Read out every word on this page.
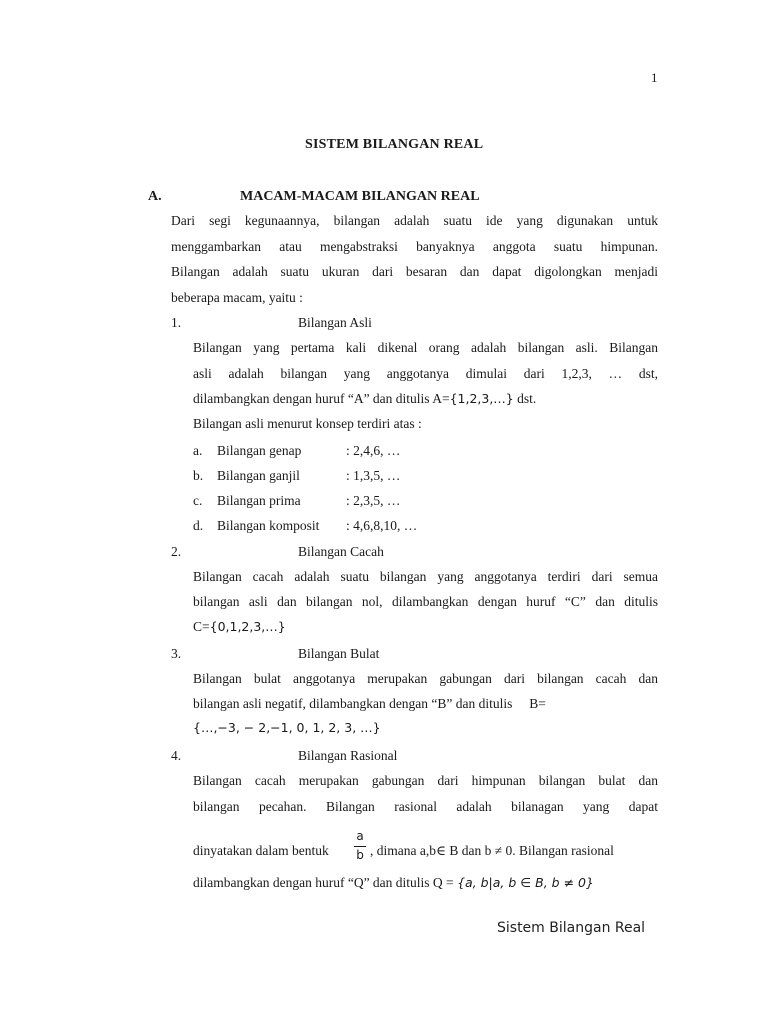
1
SISTEM BILANGAN REAL
A.	MACAM-MACAM BILANGAN REAL
Dari segi kegunaannya, bilangan adalah suatu ide yang digunakan untuk
menggambarkan atau mengabstraksi banyaknya anggota suatu himpunan.
Bilangan adalah suatu ukuran dari besaran dan dapat digolongkan menjadi
beberapa macam, yaitu :
1.	Bilangan Asli
Bilangan yang pertama kali dikenal orang adalah bilangan asli. Bilangan
asli adalah bilangan yang anggotanya dimulai dari 1,2,3, … dst,
dilambangkan dengan huruf “A” dan ditulis A={1,2,3,…} dst.
Bilangan asli menurut konsep terdiri atas :
a. Bilangan genap	: 2,4,6, …
b. Bilangan ganjil	: 1,3,5, …
c. Bilangan prima	: 2,3,5, …
d. Bilangan komposit : 4,6,8,10, …
2.	Bilangan Cacah
Bilangan cacah adalah suatu bilangan yang anggotanya terdiri dari semua
bilangan asli dan bilangan nol, dilambangkan dengan huruf “C” dan ditulis
C={0,1,2,3,…}
3.	Bilangan Bulat
Bilangan bulat anggotanya merupakan gabungan dari bilangan cacah dan
bilangan asli negatif, dilambangkan dengan “B” dan ditulis     B=
{…,−3, − 2,−1, 0, 1, 2, 3, …}
4.	Bilangan Rasional
Bilangan cacah merupakan gabungan dari himpunan bilangan bulat dan
bilangan pecahan. Bilangan rasional adalah bilanagan yang dapat
dinyatakan dalam bentuk
a
b , dimana a,b∈ B dan b ≠ 0. Bilangan rasional
dilambangkan dengan huruf “Q” dan ditulis Q = {a, b|a, b ∈ B, b ≠ 0}
Sistem Bilangan Real
